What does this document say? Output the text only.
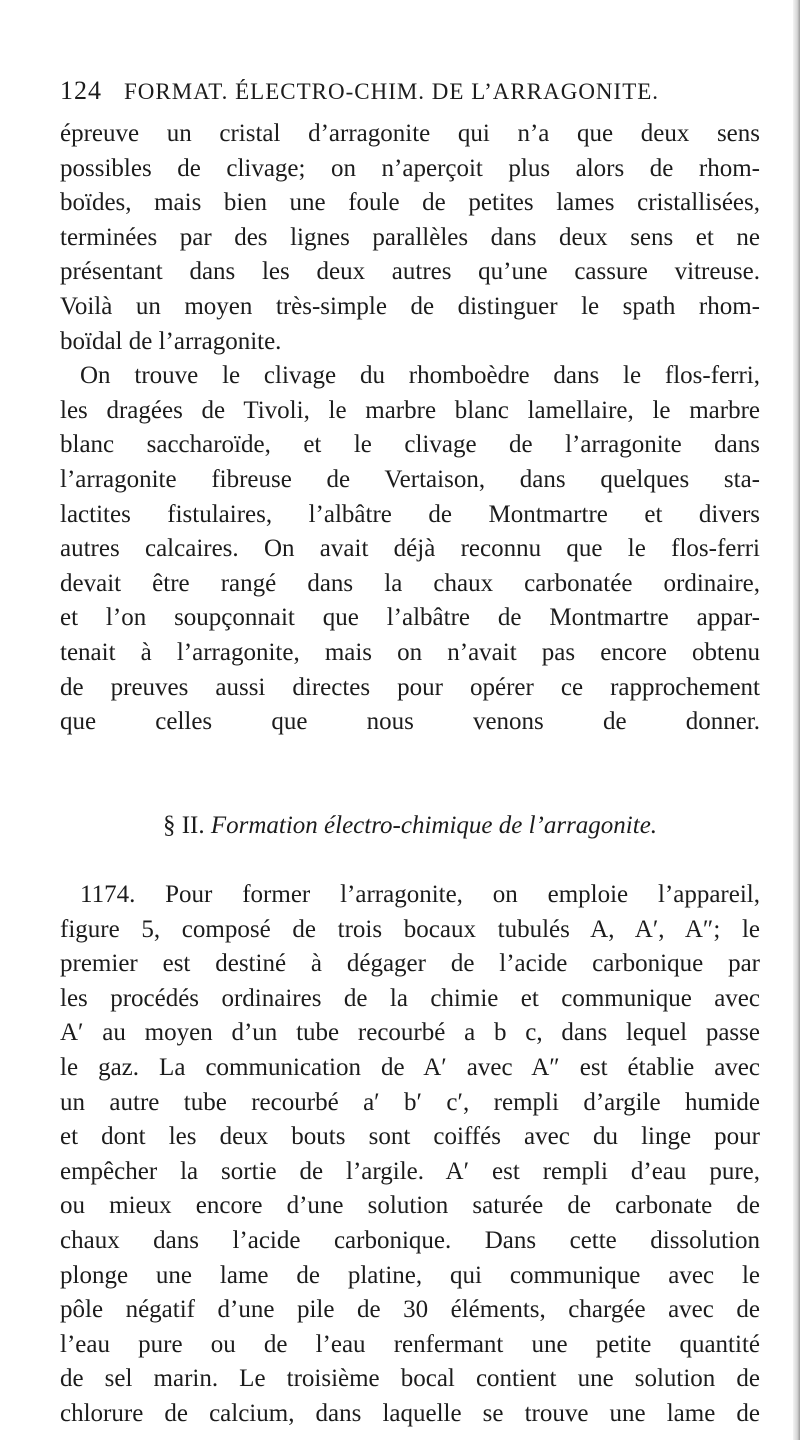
124 FORMAT. ÉLECTRO-CHIM. DE L’ARRAGONITE.
épreuve un cristal d’arragonite qui n’a que deux sens
possibles de clivage; on n’aperçoit plus alors de rhom-
boïdes, mais bien une foule de petites lames cristallisées,
terminées par des lignes parallèles dans deux sens et ne
présentant dans les deux autres qu’une cassure vitreuse.
Voilà un moyen très-simple de distinguer le spath rhom-
boïdal de l’arragonite.
On trouve le clivage du rhomboèdre dans le flos-ferri,
les dragées de Tivoli, le marbre blanc lamellaire, le marbre
blanc saccharoïde, et le clivage de l’arragonite dans
l’arragonite fibreuse de Vertaison, dans quelques sta-
lactites fistulaires, l’albâtre de Montmartre et divers
autres calcaires. On avait déjà reconnu que le flos-ferri
devait être rangé dans la chaux carbonatée ordinaire,
et l’on soupçonnait que l’albâtre de Montmartre appar-
tenait à l’arragonite, mais on n’avait pas encore obtenu
de preuves aussi directes pour opérer ce rapprochement
que celles que nous venons de donner.
§ II. Formation électro-chimique de l’arragonite.
1174. Pour former l’arragonite, on emploie l’appareil,
figure 5, composé de trois bocaux tubulés A, A′, A″; le
premier est destiné à dégager de l’acide carbonique par
les procédés ordinaires de la chimie et communique avec
A′ au moyen d’un tube recourbé a b c, dans lequel passe
le gaz. La communication de A′ avec A″ est établie avec
un autre tube recourbé a′ b′ c′, rempli d’argile humide
et dont les deux bouts sont coiffés avec du linge pour
empêcher la sortie de l’argile. A′ est rempli d’eau pure,
ou mieux encore d’une solution saturée de carbonate de
chaux dans l’acide carbonique. Dans cette dissolution
plonge une lame de platine, qui communique avec le
pôle négatif d’une pile de 30 éléments, chargée avec de
l’eau pure ou de l’eau renfermant une petite quantité
de sel marin. Le troisième bocal contient une solution de
chlorure de calcium, dans laquelle se trouve une lame de
